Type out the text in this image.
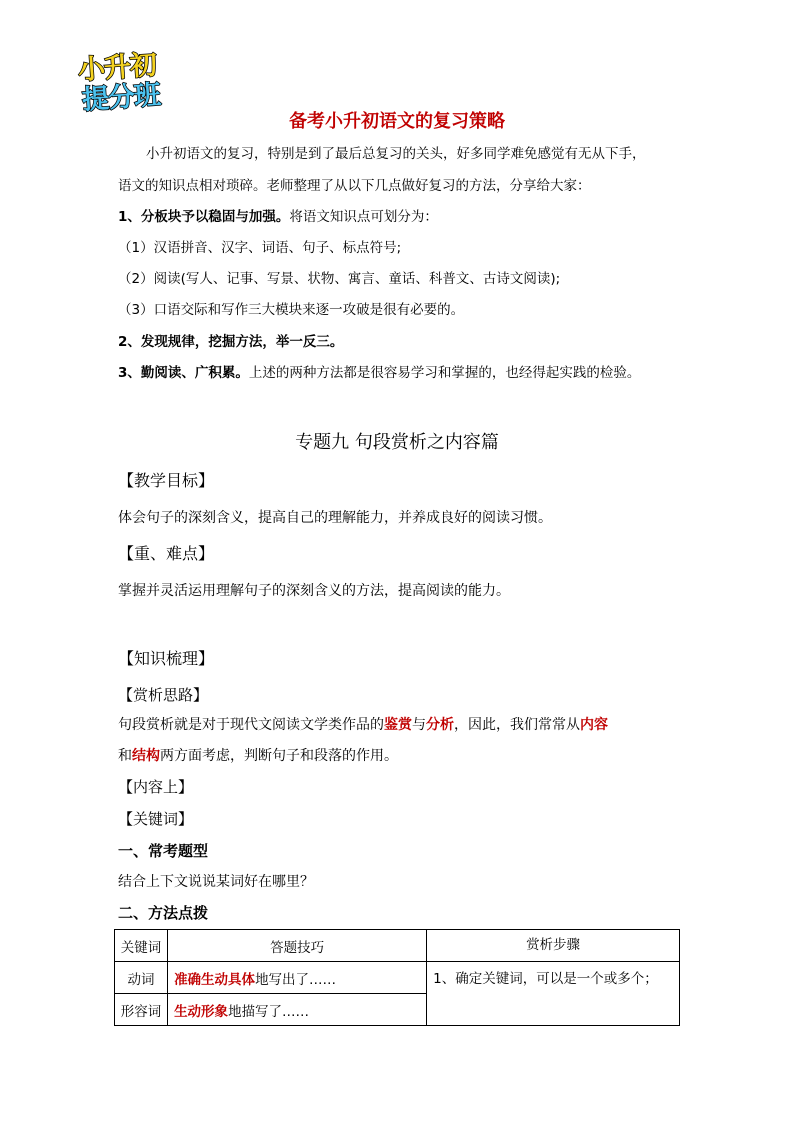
小升初
提分班
备考小升初语文的复习策略
小升初语文的复习，特别是到了最后总复习的关头，好多同学难免感觉有无从下手，
语文的知识点相对琐碎。老师整理了从以下几点做好复习的方法，分享给大家：
1、分板块予以稳固与加强。将语文知识点可划分为：
（1）汉语拼音、汉字、词语、句子、标点符号;
（2）阅读(写人、记事、写景、状物、寓言、童话、科普文、古诗文阅读);
（3）口语交际和写作三大模块来逐一攻破是很有必要的。
2、发现规律，挖掘方法，举一反三。
3、勤阅读、广积累。上述的两种方法都是很容易学习和掌握的，也经得起实践的检验。
专题九 句段赏析之内容篇
【教学目标】
体会句子的深刻含义，提高自己的理解能力，并养成良好的阅读习惯。
【重、难点】
掌握并灵活运用理解句子的深刻含义的方法，提高阅读的能力。
【知识梳理】
【赏析思路】
句段赏析就是对于现代文阅读文学类作品的鉴赏与分析，因此，我们常常从内容
和结构两方面考虑，判断句子和段落的作用。
【内容上】
【关键词】
一、常考题型
结合上下文说说某词好在哪里？
二、方法点拨
关键词	答题技巧	赏析步骤
动词	准确生动具体地写出了……	1、确定关键词，可以是一个或多个；
形容词	生动形象地描写了……	
